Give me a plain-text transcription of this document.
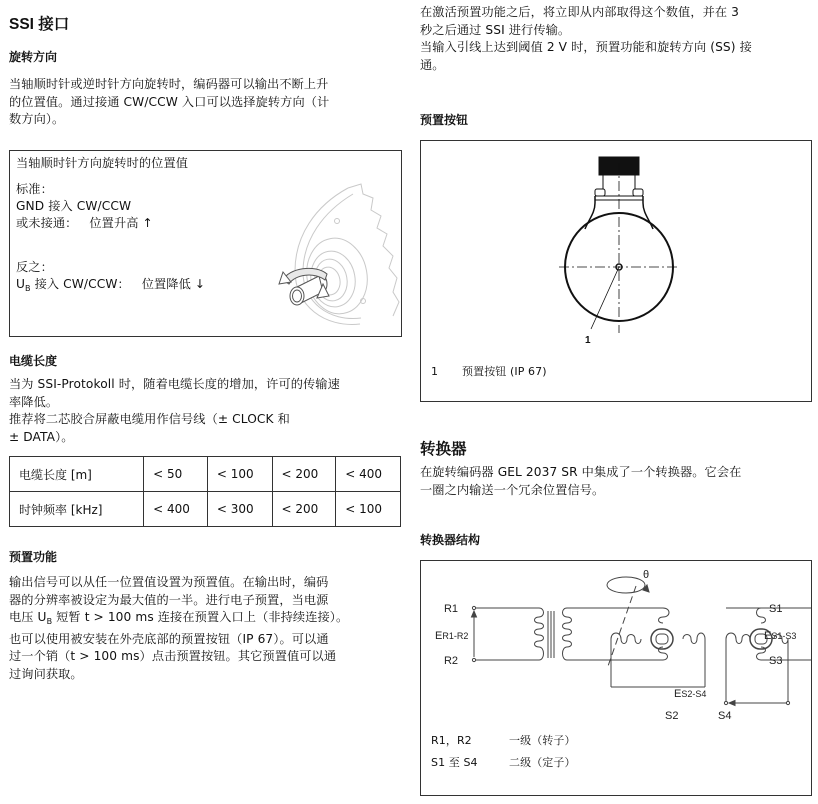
SSI 接口
旋转方向

当轴顺时针或逆时针方向旋转时，编码器可以输出不断上升
的位置值。通过接通 CW/CCW 入口可以选择旋转方向（计
数方向）。

当轴顺时针方向旋转时的位置值
标准：
GND 接入 CW/CCW
或未接通： 位置升高 ↑
反之：
$U_B$ 接入 CW/CCW： 位置降低 ↓
电缆长度

当为 SSI-Protokoll 时，随着电缆长度的增加，许可的传输速
率降低。
推荐将二芯胶合屏蔽电缆用作信号线（± CLOCK 和
± DATA）。

电缆长度 [m]	< 50	< 100	< 200	< 400
时钟频率 [kHz]	< 400	< 300	< 200	< 100
预置功能

输出信号可以从任一位置值设置为预置值。在输出时，编码
器的分辨率被设定为最大值的一半。进行电子预置，当电源
电压 $U_B$ 短暂 t > 100 ms 连接在预置入口上（非持续连接）。
也可以使用被安装在外壳底部的预置按钮（IP 67）。可以通
过一个销（t > 100 ms）点击预置按钮。其它预置值可以通
过询问获取。

在激活预置功能之后，将立即从内部取得这个数值，并在 3
秒之后通过 SSI 进行传输。
当输入引线上达到阈值 2 V 时，预置功能和旋转方向 (SS) 接
通。

预置按钮
1
1 预置按钮 (IP 67)
转换器

在旋转编码器 GEL 2037 SR 中集成了一个转换器。它会在
一圈之内输送一个冗余位置信号。

转换器结构
R1
R2
ER1-R2
θ
S1
S3
ES1-S3
ES2-S4
S2	S4
R1，R2	一级（转子）
S1 至 S4	二级（定子）
